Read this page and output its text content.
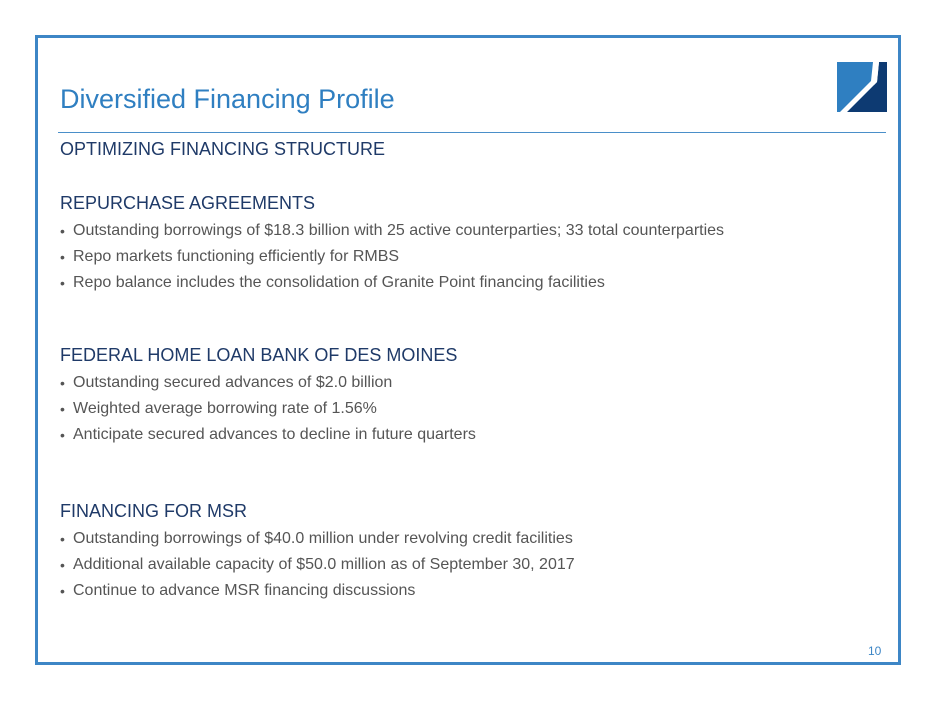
Diversified Financing Profile
OPTIMIZING FINANCING STRUCTURE
REPURCHASE AGREEMENTS
• Outstanding borrowings of $18.3 billion with 25 active counterparties; 33 total counterparties
• Repo markets functioning efficiently for RMBS
• Repo balance includes the consolidation of Granite Point financing facilities
FEDERAL HOME LOAN BANK OF DES MOINES
• Outstanding secured advances of $2.0 billion
• Weighted average borrowing rate of 1.56%
• Anticipate secured advances to decline in future quarters
FINANCING FOR MSR
• Outstanding borrowings of $40.0 million under revolving credit facilities
• Additional available capacity of $50.0 million as of September 30, 2017
• Continue to advance MSR financing discussions
10
